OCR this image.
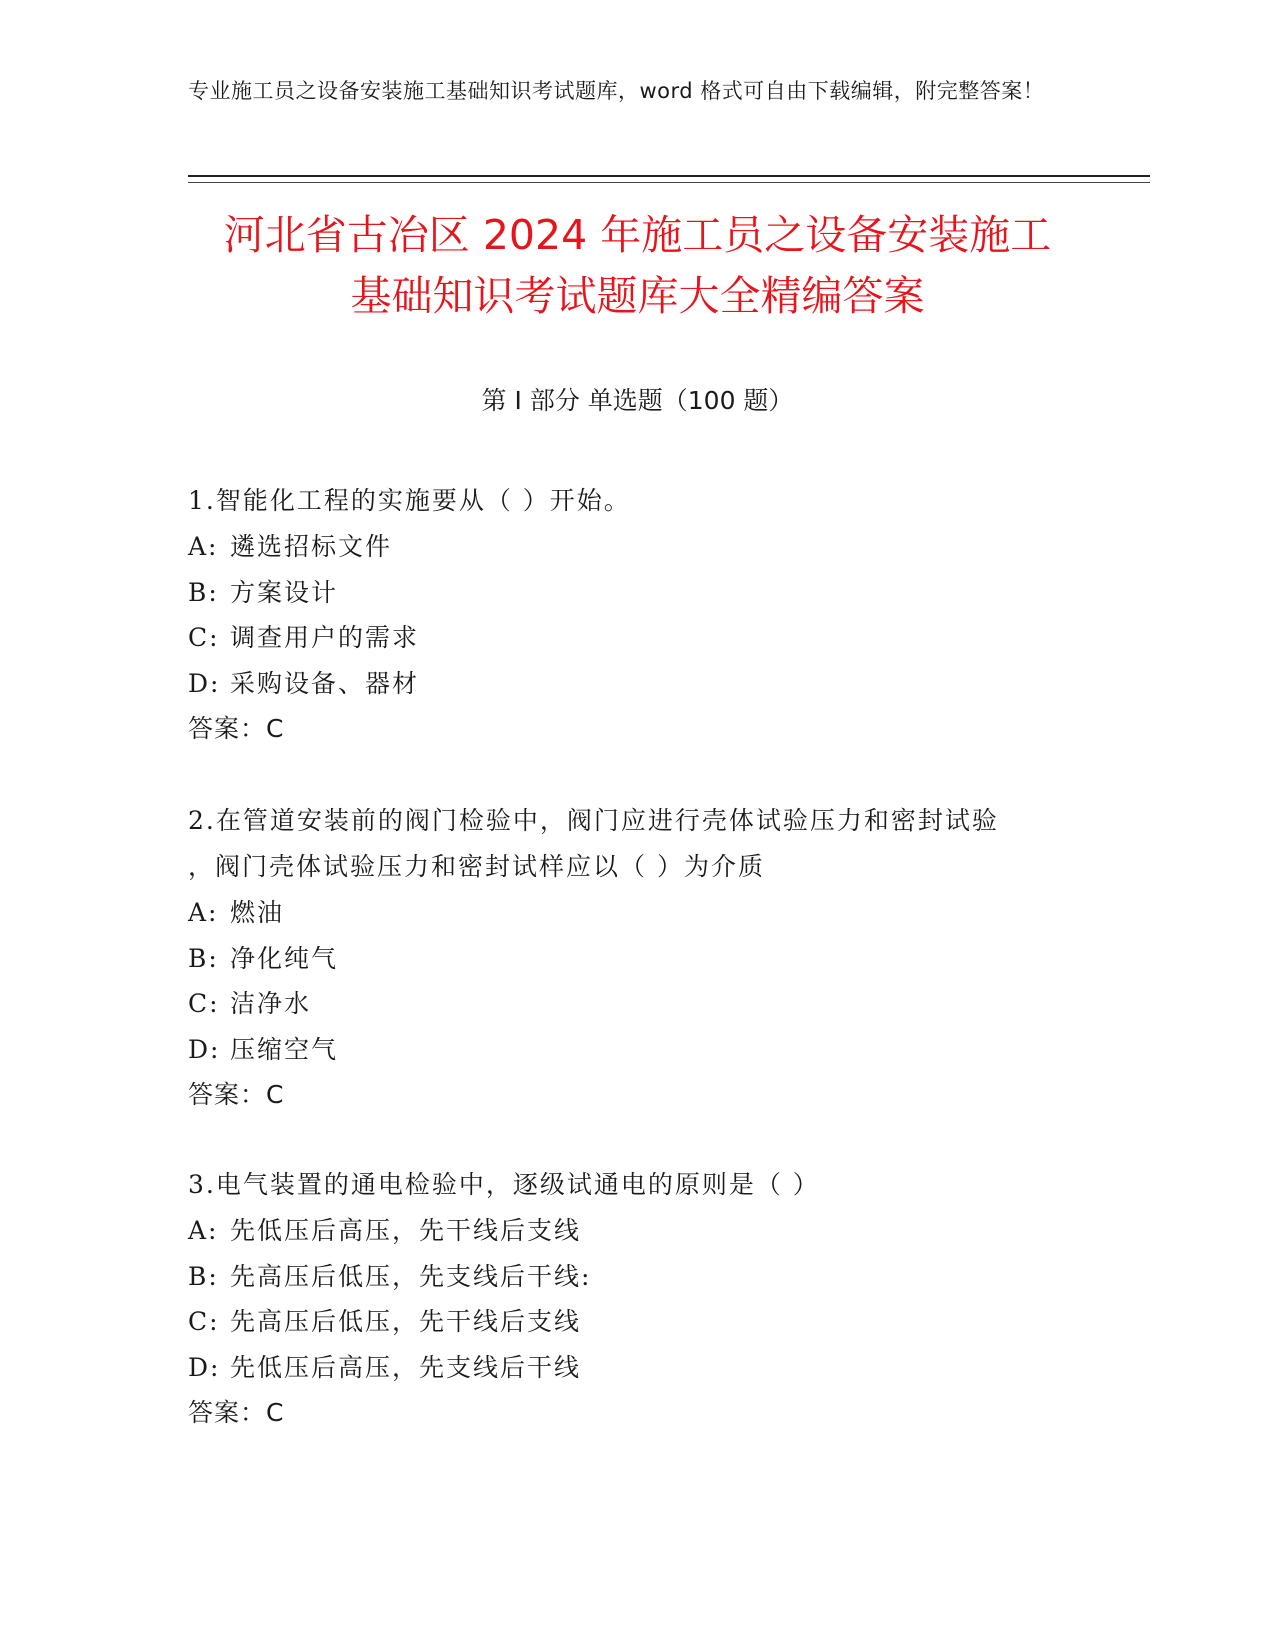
专业施工员之设备安装施工基础知识考试题库，word 格式可自由下载编辑，附完整答案！
河北省古冶区 2024 年施工员之设备安装施工
基础知识考试题库大全精编答案
第 I 部分 单选题（100 题）

1.智能化工程的实施要从（ ）开始。

A: 遴选招标文件

B: 方案设计

C: 调查用户的需求

D: 采购设备、器材

答案：C

2.在管道安装前的阀门检验中，阀门应进行壳体试验压力和密封试验

，阀门壳体试验压力和密封试样应以（ ）为介质

A: 燃油

B: 净化纯气

C: 洁净水

D: 压缩空气

答案：C

3.电气装置的通电检验中，逐级试通电的原则是（ ）

A: 先低压后高压，先干线后支线

B: 先高压后低压，先支线后干线:

C: 先高压后低压，先干线后支线

D: 先低压后高压，先支线后干线

答案：C
